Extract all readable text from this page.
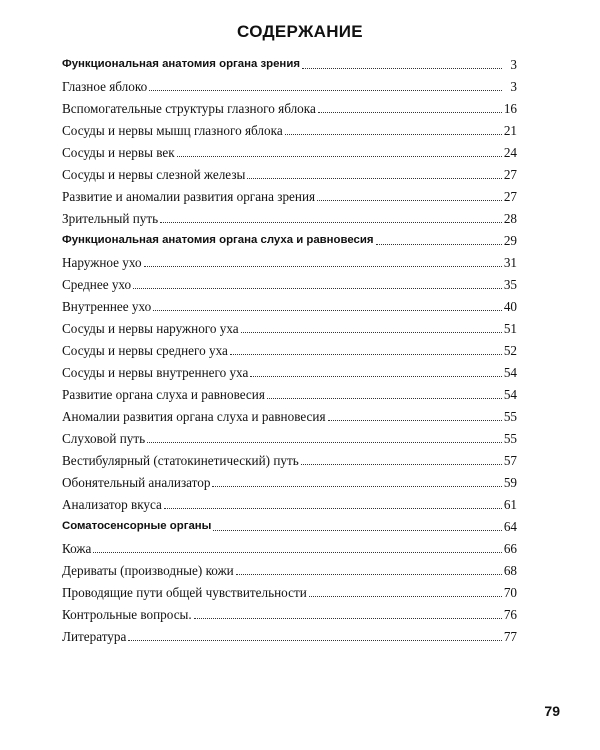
СОДЕРЖАНИЕ
Функциональная анатомия органа зрения	3
Глазное яблоко	3
Вспомогательные структуры глазного яблока	16
Сосуды и нервы мышц глазного яблока	21
Сосуды и нервы век	24
Сосуды и нервы слезной железы	27
Развитие и аномалии развития органа зрения	27
Зрительный путь	28
Функциональная анатомия органа слуха и равновесия	29
Наружное ухо	31
Среднее ухо	35
Внутреннее ухо	40
Сосуды и нервы наружного уха	51
Сосуды и нервы среднего уха	52
Сосуды и нервы внутреннего уха	54
Развитие органа слуха и равновесия	54
Аномалии развития органа слуха и равновесия	55
Слуховой путь	55
Вестибулярный (статокинетический) путь	57
Обонятельный анализатор	59
Анализатор вкуса	61
Соматосенсорные органы	64
Кожа	66
Дериваты (производные) кожи	68
Проводящие пути общей чувствительности	70
Контрольные вопросы.	76
Литература	77
79
